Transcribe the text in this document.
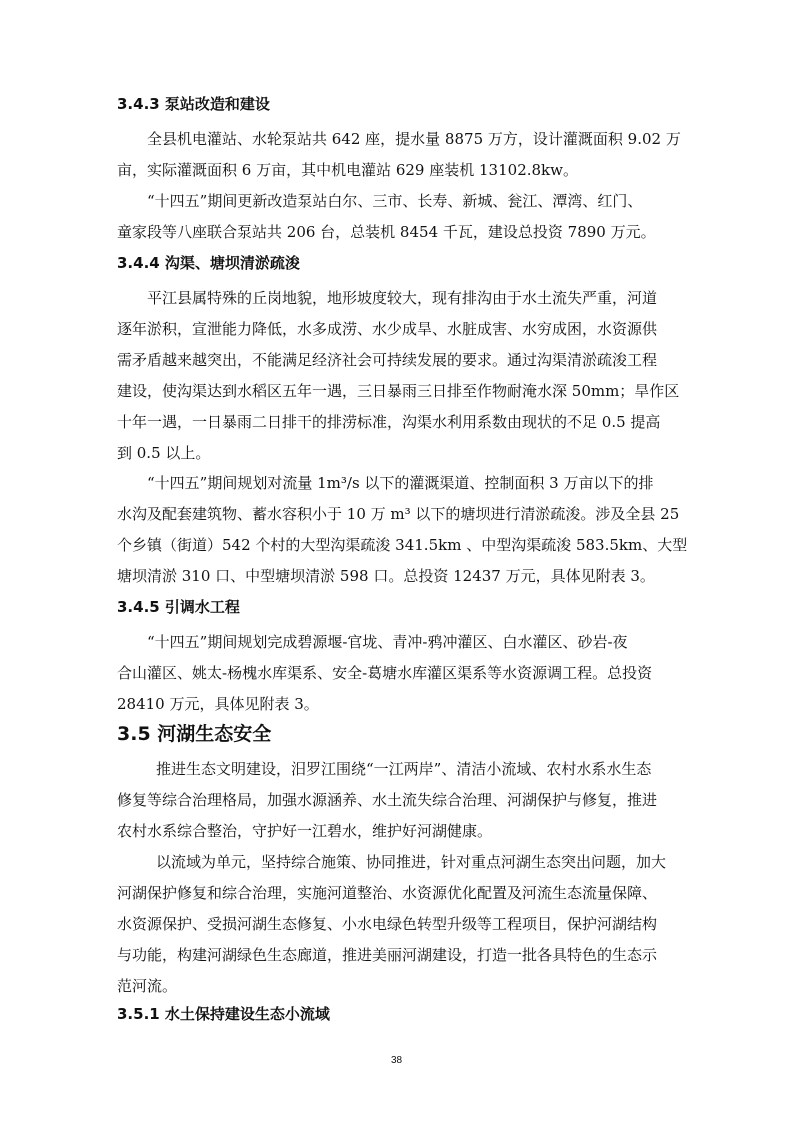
3.4.3 泵站改造和建设
全县机电灌站、水轮泵站共 642 座，提水量 8875 万方，设计灌溉面积 9.02 万
亩，实际灌溉面积 6 万亩，其中机电灌站 629 座装机 13102.8kw。
“十四五”期间更新改造泵站白尔、三市、长寿、新城、瓮江、潭湾、红门、
童家段等八座联合泵站共 206 台，总装机 8454 千瓦，建设总投资 7890 万元。
3.4.4 沟渠、塘坝清淤疏浚
平江县属特殊的丘岗地貌，地形坡度较大，现有排沟由于水土流失严重，河道
逐年淤积，宣泄能力降低，水多成涝、水少成旱、水脏成害、水穷成困，水资源供
需矛盾越来越突出，不能满足经济社会可持续发展的要求。通过沟渠清淤疏浚工程
建设，使沟渠达到水稻区五年一遇，三日暴雨三日排至作物耐淹水深 50mm；旱作区
十年一遇，一日暴雨二日排干的排涝标准，沟渠水利用系数由现状的不足 0.5 提高
到 0.5 以上。
“十四五”期间规划对流量 1m³/s 以下的灌溉渠道、控制面积 3 万亩以下的排
水沟及配套建筑物、蓄水容积小于 10 万 m³ 以下的塘坝进行清淤疏浚。涉及全县 25
个乡镇（街道）542 个村的大型沟渠疏浚 341.5km 、中型沟渠疏浚 583.5km、大型
塘坝清淤 310 口、中型塘坝清淤 598 口。总投资 12437 万元，具体见附表 3。
3.4.5 引调水工程
“十四五”期间规划完成碧源堰-官垅、青冲-鸦冲灌区、白水灌区、砂岩-夜
合山灌区、姚太-杨槐水库渠系、安全-葛塘水库灌区渠系等水资源调工程。总投资
28410 万元，具体见附表 3。
3.5 河湖生态安全
推进生态文明建设，汨罗江围绕“一江两岸”、清洁小流域、农村水系水生态
修复等综合治理格局，加强水源涵养、水土流失综合治理、河湖保护与修复，推进
农村水系综合整治，守护好一江碧水，维护好河湖健康。
以流域为单元，坚持综合施策、协同推进，针对重点河湖生态突出问题，加大
河湖保护修复和综合治理，实施河道整治、水资源优化配置及河流生态流量保障、
水资源保护、受损河湖生态修复、小水电绿色转型升级等工程项目，保护河湖结构
与功能，构建河湖绿色生态廊道，推进美丽河湖建设，打造一批各具特色的生态示
范河流。
3.5.1 水土保持建设生态小流域
38
